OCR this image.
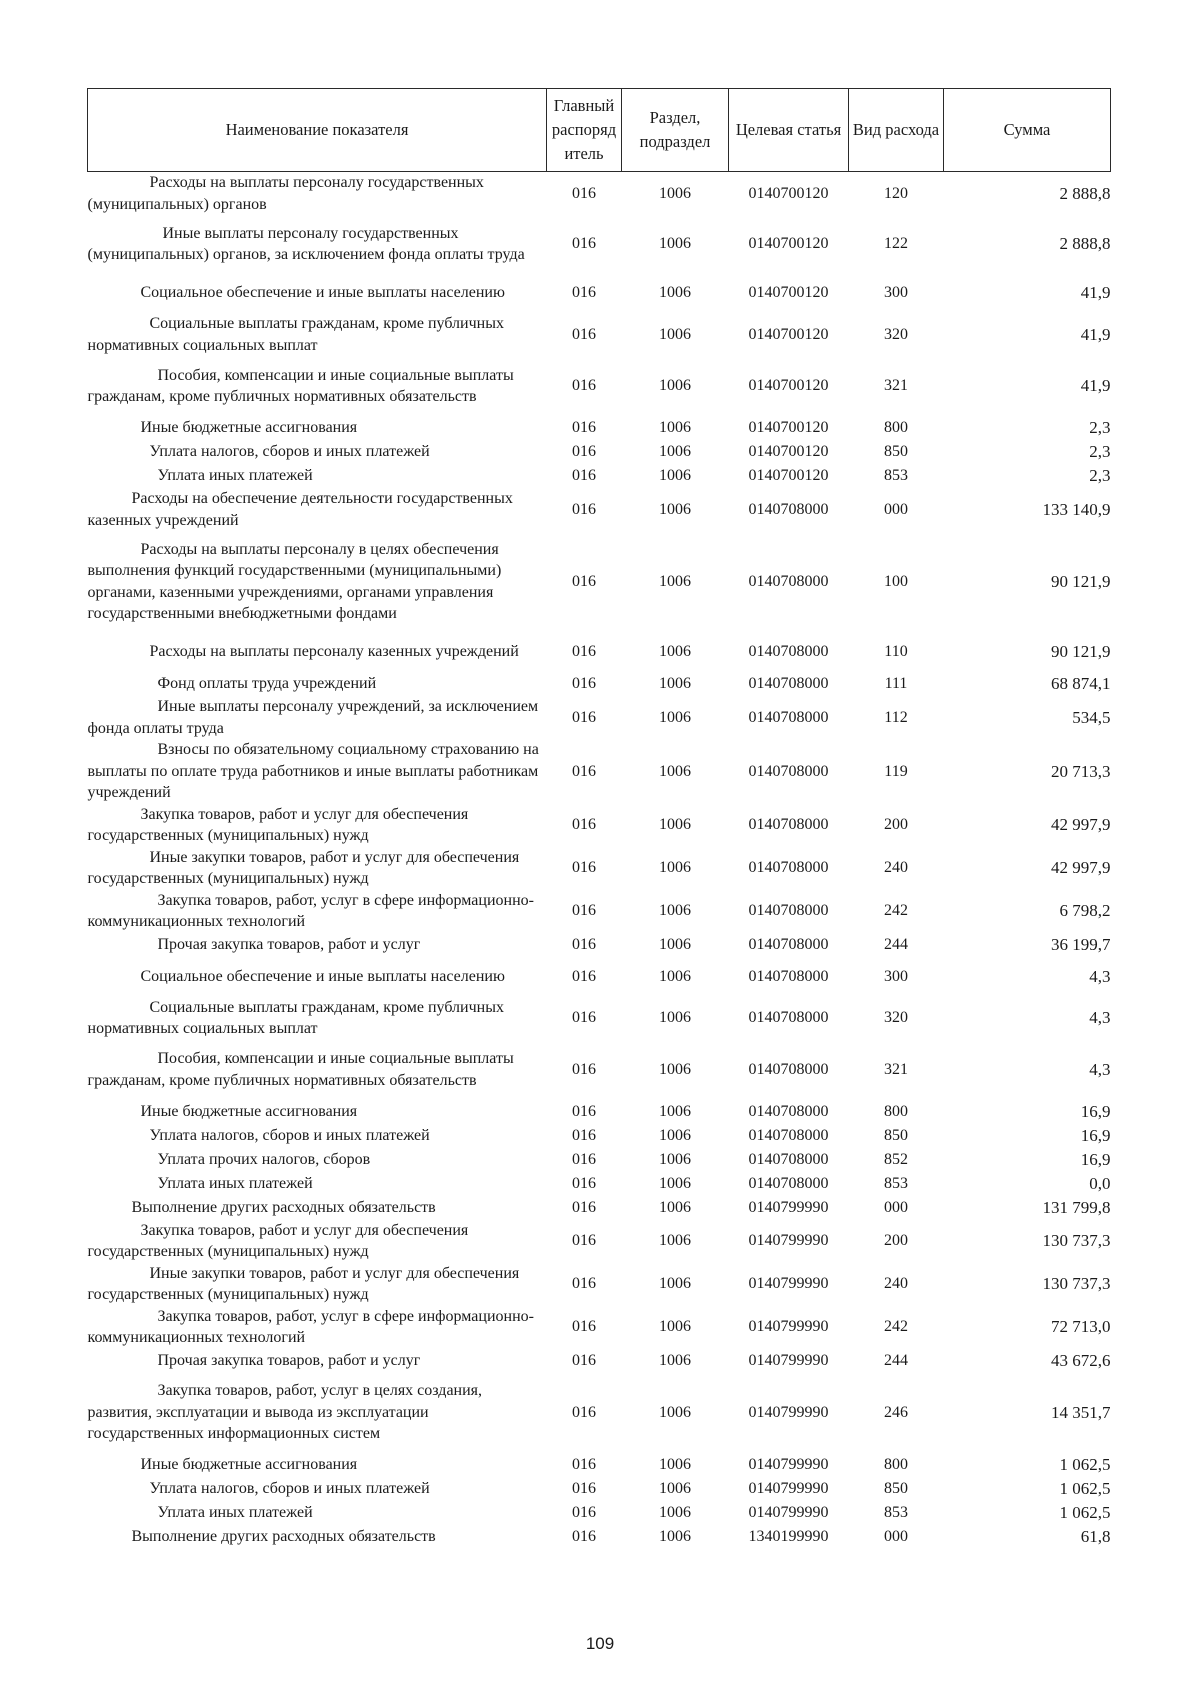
Наименование показателя	Главный распоряд итель	Раздел, подраздел	Целевая статья	Вид расхода	Сумма
Расходы на выплаты персоналу государственных (муниципальных) органов	016	1006	0140700120	120	2 888,8
Иные выплаты персоналу государственных (муниципальных) органов, за исключением фонда оплаты труда	016	1006	0140700120	122	2 888,8
Социальное обеспечение и иные выплаты населению	016	1006	0140700120	300	41,9
Социальные выплаты гражданам, кроме публичных нормативных социальных выплат	016	1006	0140700120	320	41,9
Пособия, компенсации и иные социальные выплаты гражданам, кроме публичных нормативных обязательств	016	1006	0140700120	321	41,9
Иные бюджетные ассигнования	016	1006	0140700120	800	2,3
Уплата налогов, сборов и иных платежей	016	1006	0140700120	850	2,3
Уплата иных платежей	016	1006	0140700120	853	2,3
Расходы на обеспечение деятельности государственных казенных учреждений	016	1006	0140708000	000	133 140,9
Расходы на выплаты персоналу в целях обеспечения выполнения функций государственными (муниципальными) органами, казенными учреждениями, органами управления государственными внебюджетными фондами	016	1006	0140708000	100	90 121,9
Расходы на выплаты персоналу казенных учреждений	016	1006	0140708000	110	90 121,9
Фонд оплаты труда учреждений	016	1006	0140708000	111	68 874,1
Иные выплаты персоналу учреждений, за исключением фонда оплаты труда	016	1006	0140708000	112	534,5
Взносы по обязательному социальному страхованию на выплаты по оплате труда работников и иные выплаты работникам учреждений	016	1006	0140708000	119	20 713,3
Закупка товаров, работ и услуг для обеспечения государственных (муниципальных) нужд	016	1006	0140708000	200	42 997,9
Иные закупки товаров, работ и услуг для обеспечения государственных (муниципальных) нужд	016	1006	0140708000	240	42 997,9
Закупка товаров, работ, услуг в сфере информационно-коммуникационных технологий	016	1006	0140708000	242	6 798,2
Прочая закупка товаров, работ и услуг	016	1006	0140708000	244	36 199,7
Социальное обеспечение и иные выплаты населению	016	1006	0140708000	300	4,3
Социальные выплаты гражданам, кроме публичных нормативных социальных выплат	016	1006	0140708000	320	4,3
Пособия, компенсации и иные социальные выплаты гражданам, кроме публичных нормативных обязательств	016	1006	0140708000	321	4,3
Иные бюджетные ассигнования	016	1006	0140708000	800	16,9
Уплата налогов, сборов и иных платежей	016	1006	0140708000	850	16,9
Уплата прочих налогов, сборов	016	1006	0140708000	852	16,9
Уплата иных платежей	016	1006	0140708000	853	0,0
Выполнение других расходных обязательств	016	1006	0140799990	000	131 799,8
Закупка товаров, работ и услуг для обеспечения государственных (муниципальных) нужд	016	1006	0140799990	200	130 737,3
Иные закупки товаров, работ и услуг для обеспечения государственных (муниципальных) нужд	016	1006	0140799990	240	130 737,3
Закупка товаров, работ, услуг в сфере информационно-коммуникационных технологий	016	1006	0140799990	242	72 713,0
Прочая закупка товаров, работ и услуг	016	1006	0140799990	244	43 672,6
Закупка товаров, работ, услуг в целях создания, развития, эксплуатации и вывода из эксплуатации государственных информационных систем	016	1006	0140799990	246	14 351,7
Иные бюджетные ассигнования	016	1006	0140799990	800	1 062,5
Уплата налогов, сборов и иных платежей	016	1006	0140799990	850	1 062,5
Уплата иных платежей	016	1006	0140799990	853	1 062,5
Выполнение других расходных обязательств	016	1006	1340199990	000	61,8
109
